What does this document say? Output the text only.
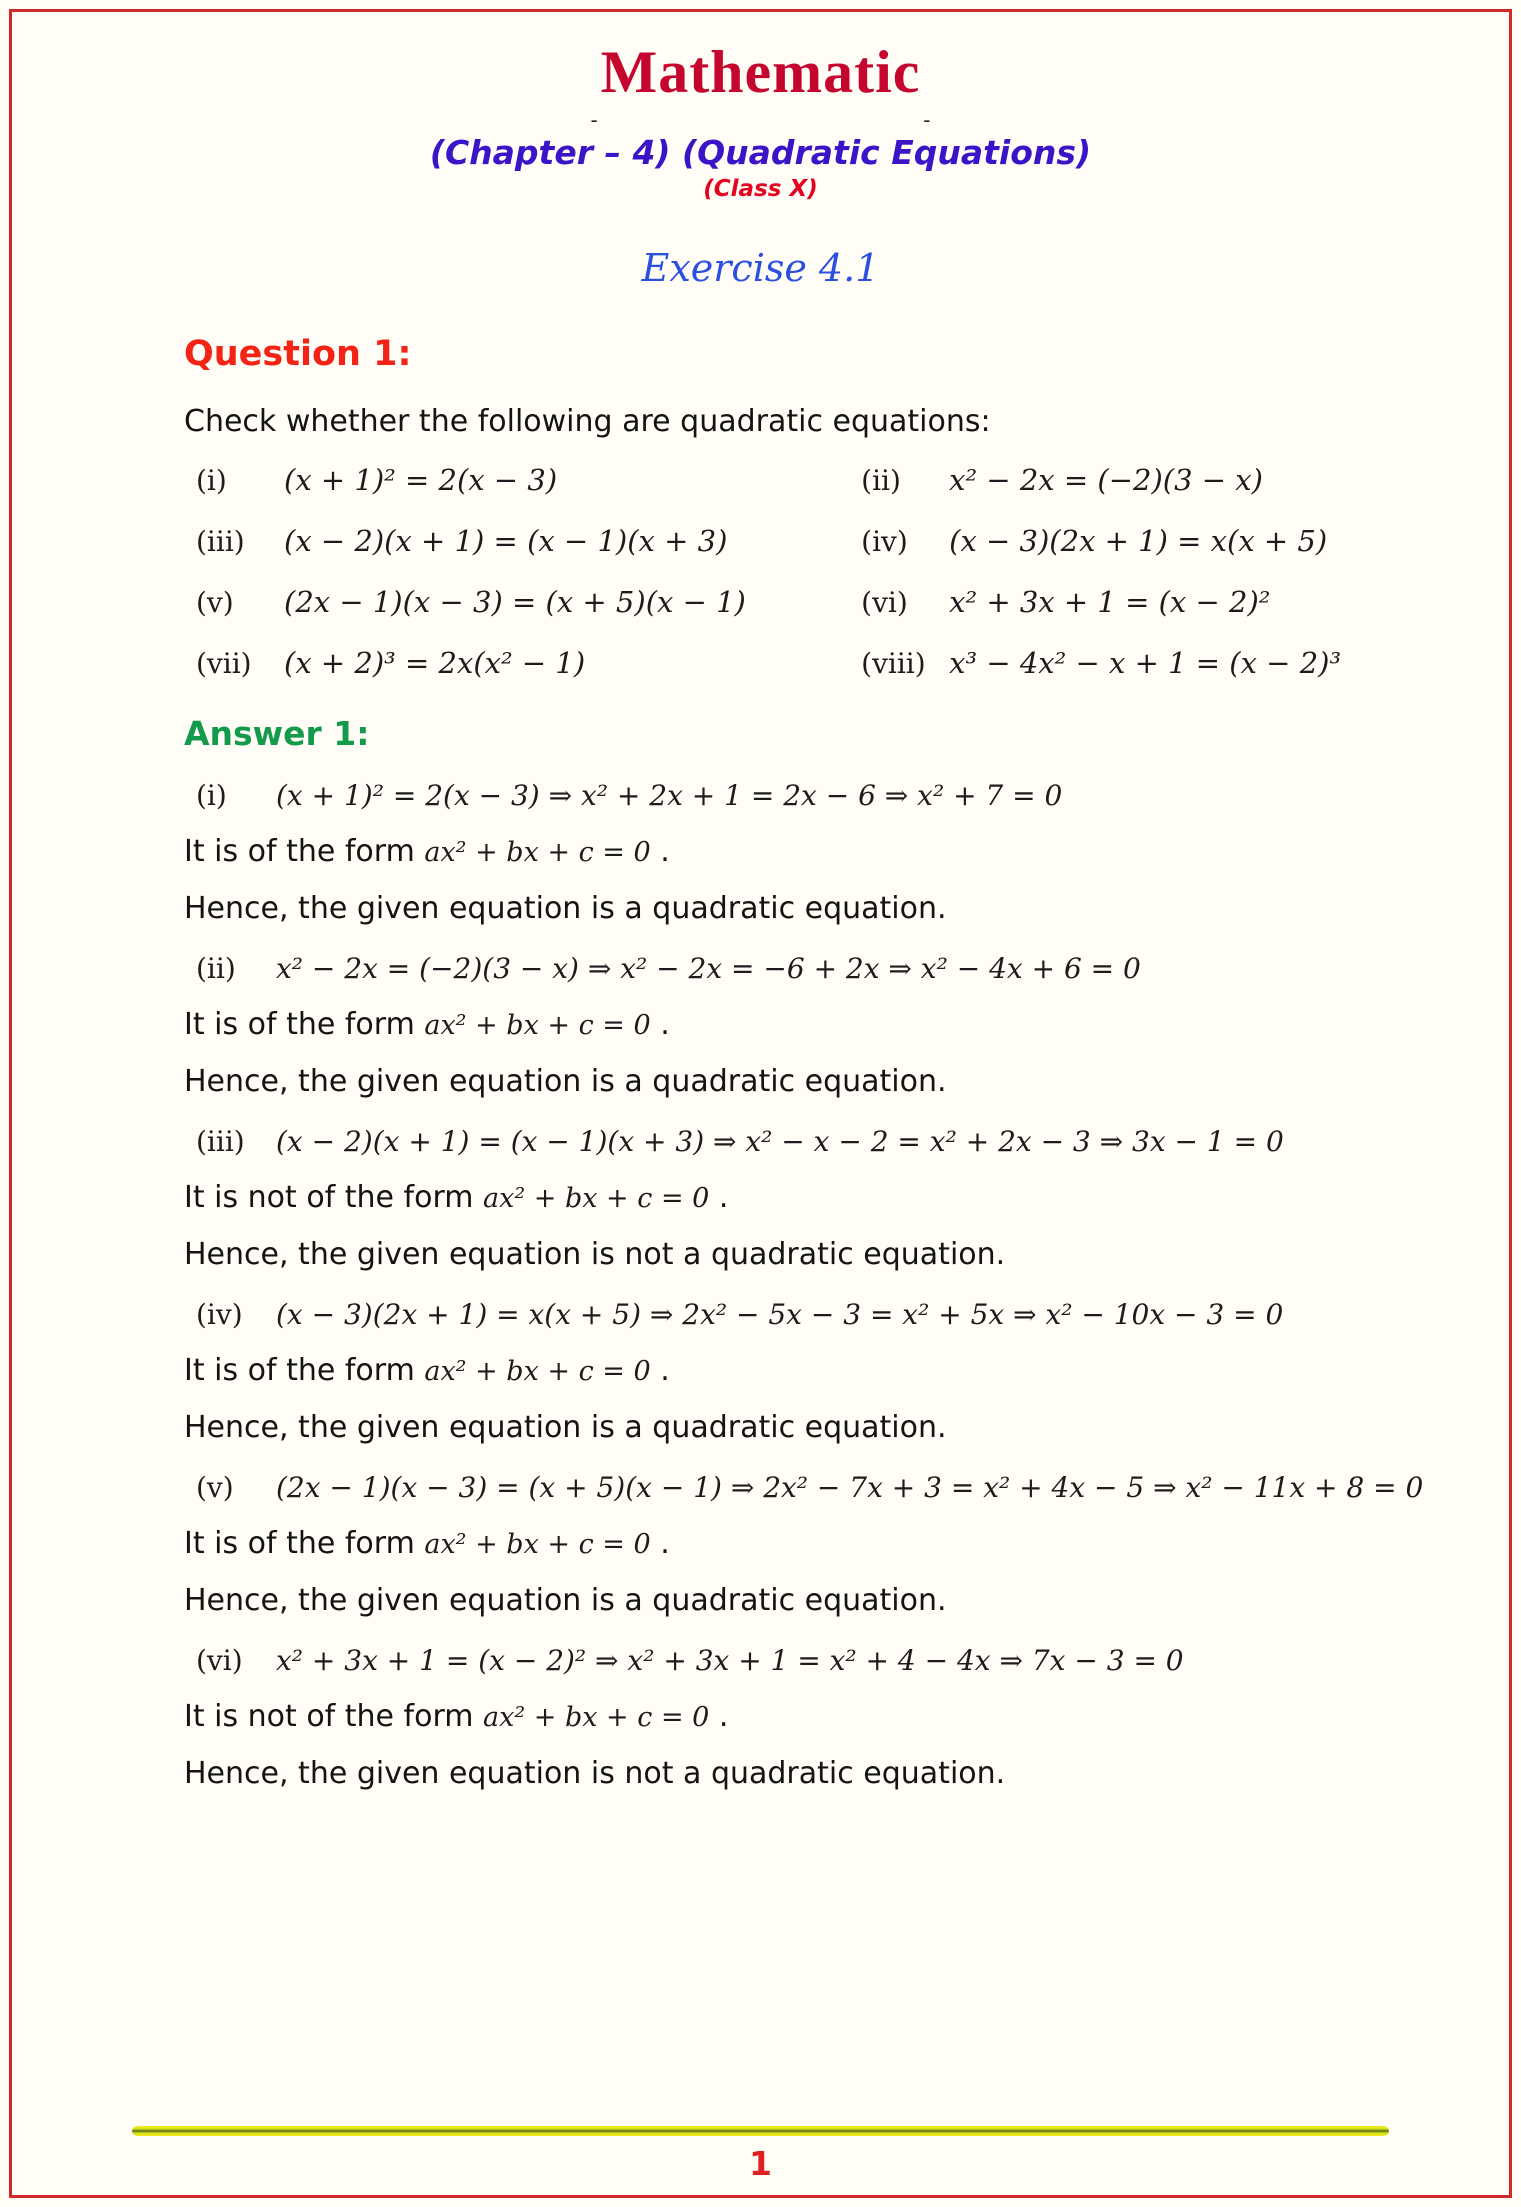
Mathematic
-	-
(Chapter – 4) (Quadratic Equations)
(Class X)
Exercise 4.1
Question 1:
Check whether the following are quadratic equations:
(i)	(x + 1)² = 2(x − 3)	(ii)	x² − 2x = (−2)(3 − x)
(iii)	(x − 2)(x + 1) = (x − 1)(x + 3)	(iv)	(x − 3)(2x + 1) = x(x + 5)
(v)	(2x − 1)(x − 3) = (x + 5)(x − 1)	(vi)	x² + 3x + 1 = (x − 2)²
(vii)	(x + 2)³ = 2x(x² − 1)	(viii) x³ − 4x² − x + 1 = (x − 2)³
Answer 1:
(i)	(x + 1)² = 2(x − 3) ⇒ x² + 2x + 1 = 2x − 6 ⇒ x² + 7 = 0
It is of the form ax² + bx + c = 0 .
Hence, the given equation is a quadratic equation.
(ii)	x² − 2x = (−2)(3 − x) ⇒ x² − 2x = −6 + 2x ⇒ x² − 4x + 6 = 0
It is of the form ax² + bx + c = 0 .
Hence, the given equation is a quadratic equation.
(iii)	(x − 2)(x + 1) = (x − 1)(x + 3) ⇒ x² − x − 2 = x² + 2x − 3 ⇒ 3x − 1 = 0
It is not of the form ax² + bx + c = 0 .
Hence, the given equation is not a quadratic equation.
(iv)	(x − 3)(2x + 1) = x(x + 5) ⇒ 2x² − 5x − 3 = x² + 5x ⇒ x² − 10x − 3 = 0
It is of the form ax² + bx + c = 0 .
Hence, the given equation is a quadratic equation.
(v)	(2x − 1)(x − 3) = (x + 5)(x − 1) ⇒ 2x² − 7x + 3 = x² + 4x − 5 ⇒ x² − 11x + 8 = 0
It is of the form ax² + bx + c = 0 .
Hence, the given equation is a quadratic equation.
(vi)	x² + 3x + 1 = (x − 2)² ⇒ x² + 3x + 1 = x² + 4 − 4x ⇒ 7x − 3 = 0
It is not of the form ax² + bx + c = 0 .
Hence, the given equation is not a quadratic equation.
1
